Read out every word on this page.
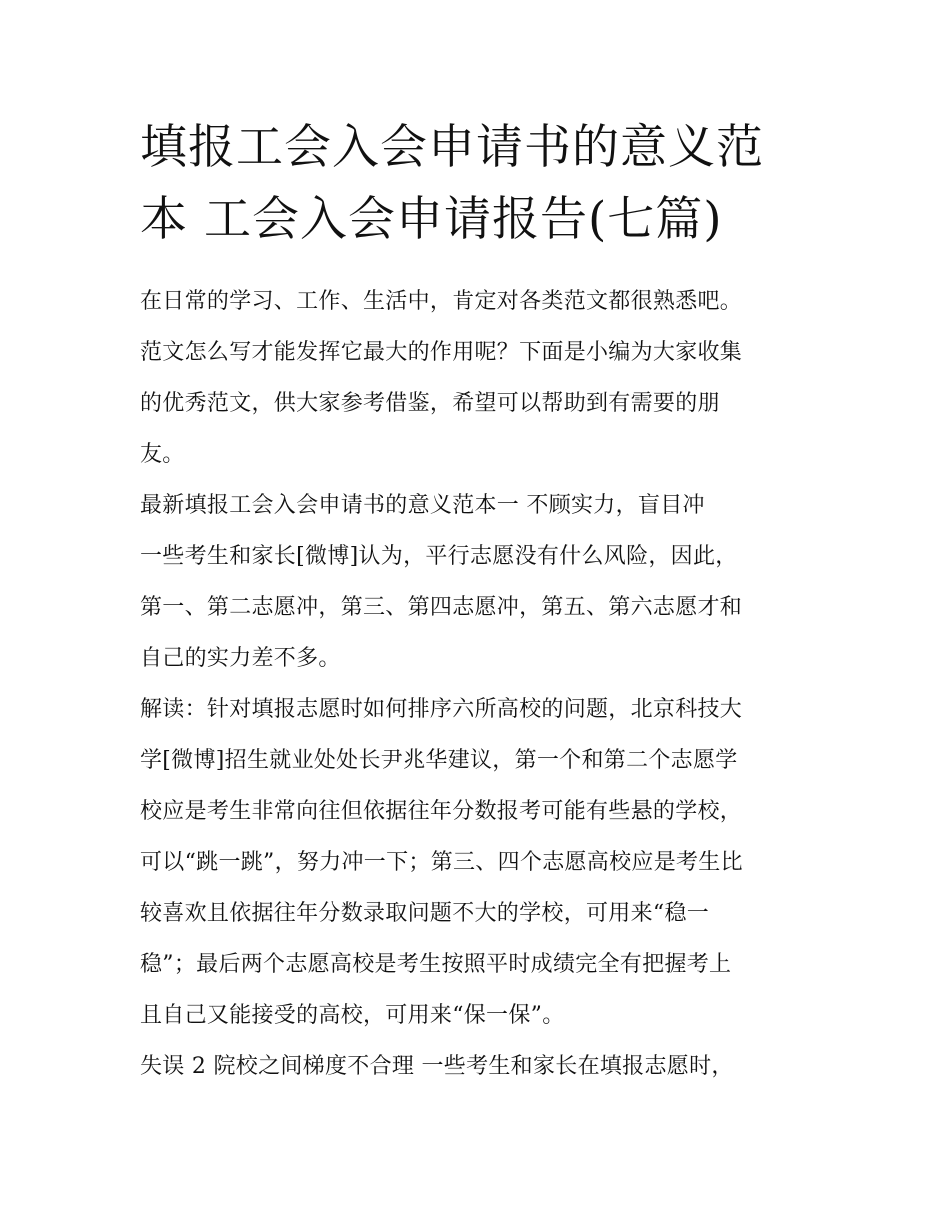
填报工会入会申请书的意义范
本 工会入会申请报告(七篇)

在日常的学习、工作、生活中，肯定对各类范文都很熟悉吧。
范文怎么写才能发挥它最大的作用呢？下面是小编为大家收集
的优秀范文，供大家参考借鉴，希望可以帮助到有需要的朋
友。

最新填报工会入会申请书的意义范本一 不顾实力，盲目冲
一些考生和家长[微博]认为，平行志愿没有什么风险，因此，
第一、第二志愿冲，第三、第四志愿冲，第五、第六志愿才和
自己的实力差不多。

解读：针对填报志愿时如何排序六所高校的问题，北京科技大
学[微博]招生就业处处长尹兆华建议，第一个和第二个志愿学
校应是考生非常向往但依据往年分数报考可能有些悬的学校，
可以“跳一跳”，努力冲一下；第三、四个志愿高校应是考生比
较喜欢且依据往年分数录取问题不大的学校，可用来“稳一
稳”；最后两个志愿高校是考生按照平时成绩完全有把握考上
且自己又能接受的高校，可用来“保一保”。

失误 2 院校之间梯度不合理 一些考生和家长在填报志愿时，
